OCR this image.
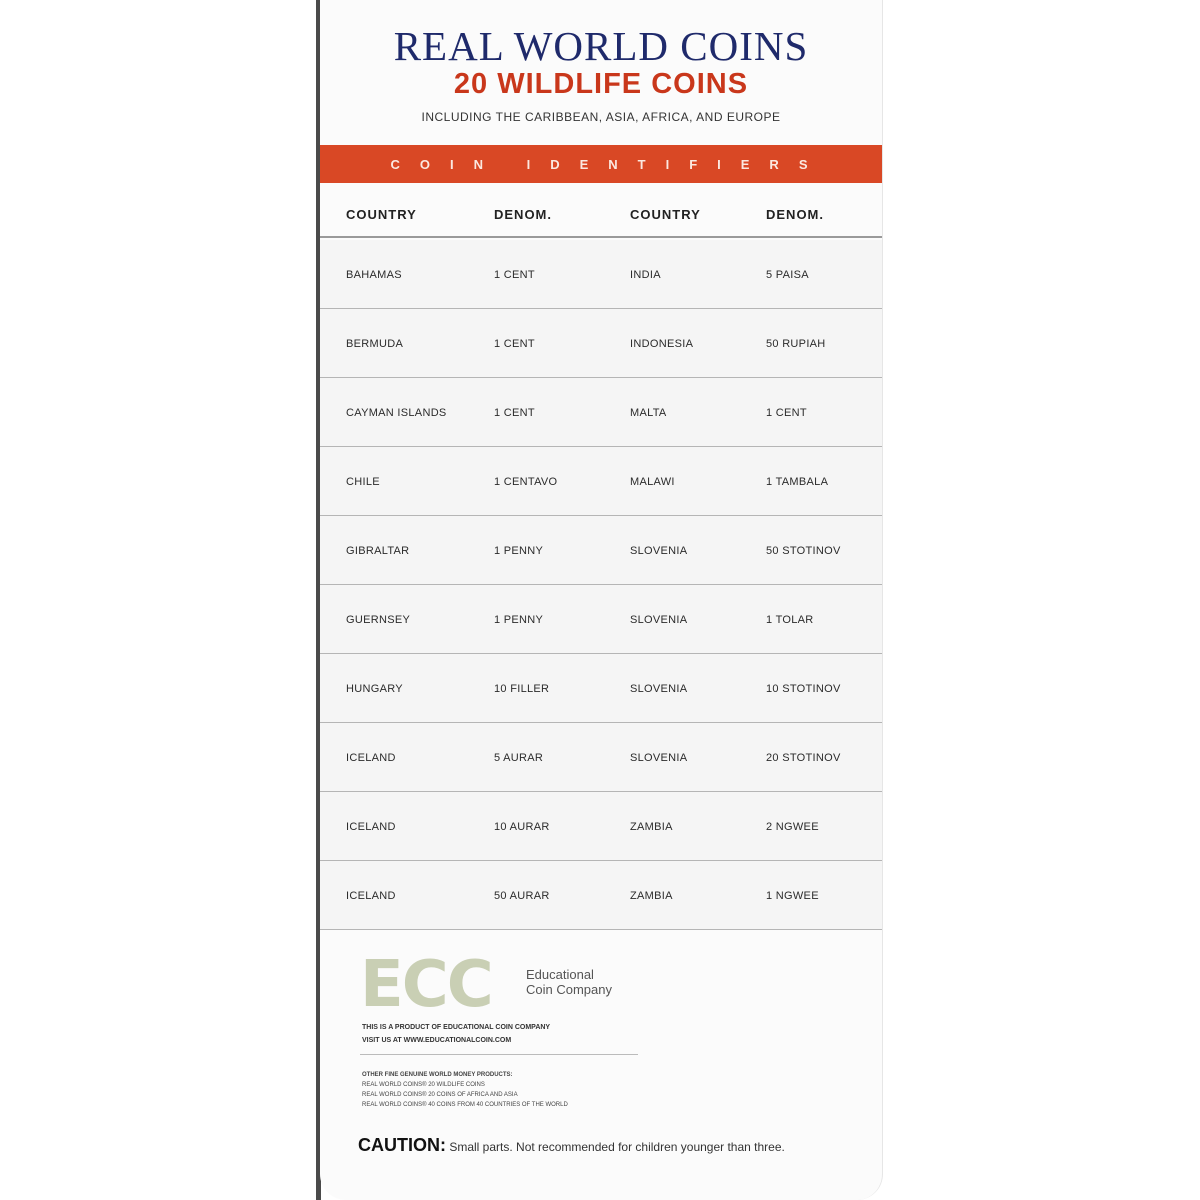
REAL WORLD COINS
20 WILDLIFE COINS
INCLUDING THE CARIBBEAN, ASIA, AFRICA, AND EUROPE
COIN IDENTIFIERS
COUNTRY	DENOM.	COUNTRY	DENOM.
BAHAMAS	1 CENT	INDIA	5 PAISA
BERMUDA	1 CENT	INDONESIA	50 RUPIAH
CAYMAN ISLANDS	1 CENT	MALTA	1 CENT
CHILE	1 CENTAVO	MALAWI	1 TAMBALA
GIBRALTAR	1 PENNY	SLOVENIA	50 STOTINOV
GUERNSEY	1 PENNY	SLOVENIA	1 TOLAR
HUNGARY	10 FILLER	SLOVENIA	10 STOTINOV
ICELAND	5 AURAR	SLOVENIA	20 STOTINOV
ICELAND	10 AURAR	ZAMBIA	2 NGWEE
ICELAND	50 AURAR	ZAMBIA	1 NGWEE
ECC	Educational
Coin Company
THIS IS A PRODUCT OF EDUCATIONAL COIN COMPANY
VISIT US AT WWW.EDUCATIONALCOIN.COM
OTHER FINE GENUINE WORLD MONEY PRODUCTS:
REAL WORLD COINS® 20 WILDLIFE COINS
REAL WORLD COINS® 20 COINS OF AFRICA AND ASIA
REAL WORLD COINS® 40 COINS FROM 40 COUNTRIES OF THE WORLD
CAUTION: Small parts. Not recommended for children younger than three.
